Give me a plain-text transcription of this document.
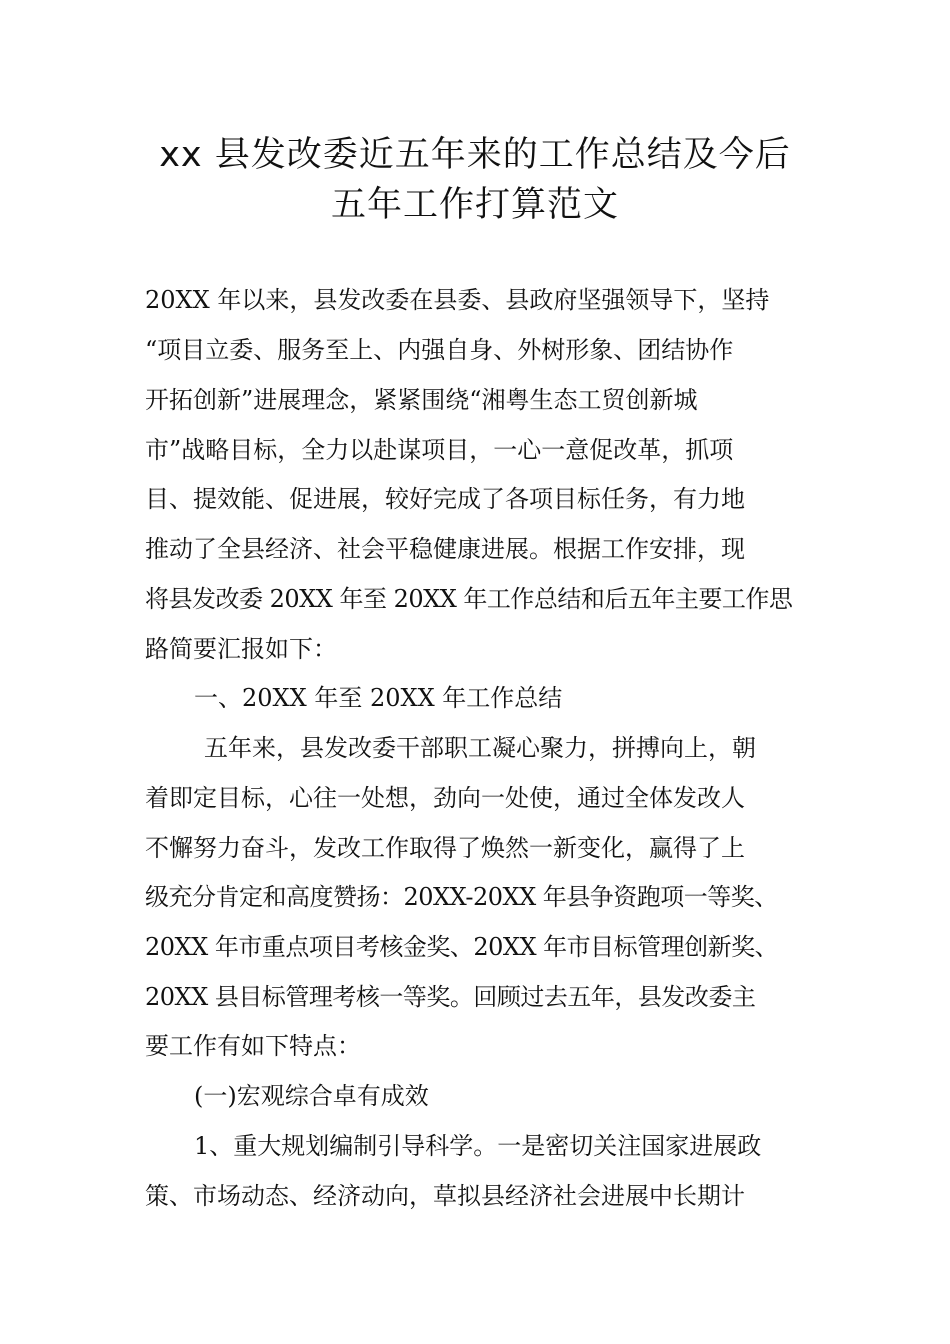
xx 县发改委近五年来的工作总结及今后
五年工作打算范文

20XX 年以来，县发改委在县委、县政府坚强领导下，坚持

“项目立委、服务至上、内强自身、外树形象、团结协作

开拓创新”进展理念，紧紧围绕“湘粤生态工贸创新城

市”战略目标，全力以赴谋项目，一心一意促改革，抓项

目、提效能、促进展，较好完成了各项目标任务，有力地

推动了全县经济、社会平稳健康进展。根据工作安排，现

将县发改委 20XX 年至 20XX 年工作总结和后五年主要工作思

路简要汇报如下：

一、20XX 年至 20XX 年工作总结

五年来，县发改委干部职工凝心聚力，拼搏向上，朝

着即定目标，心往一处想，劲向一处使，通过全体发改人

不懈努力奋斗，发改工作取得了焕然一新变化，赢得了上

级充分肯定和高度赞扬：20XX-20XX 年县争资跑项一等奖、

20XX 年市重点项目考核金奖、20XX 年市目标管理创新奖、

20XX 县目标管理考核一等奖。回顾过去五年，县发改委主

要工作有如下特点：

(一)宏观综合卓有成效

1、重大规划编制引导科学。一是密切关注国家进展政

策、市场动态、经济动向，草拟县经济社会进展中长期计
